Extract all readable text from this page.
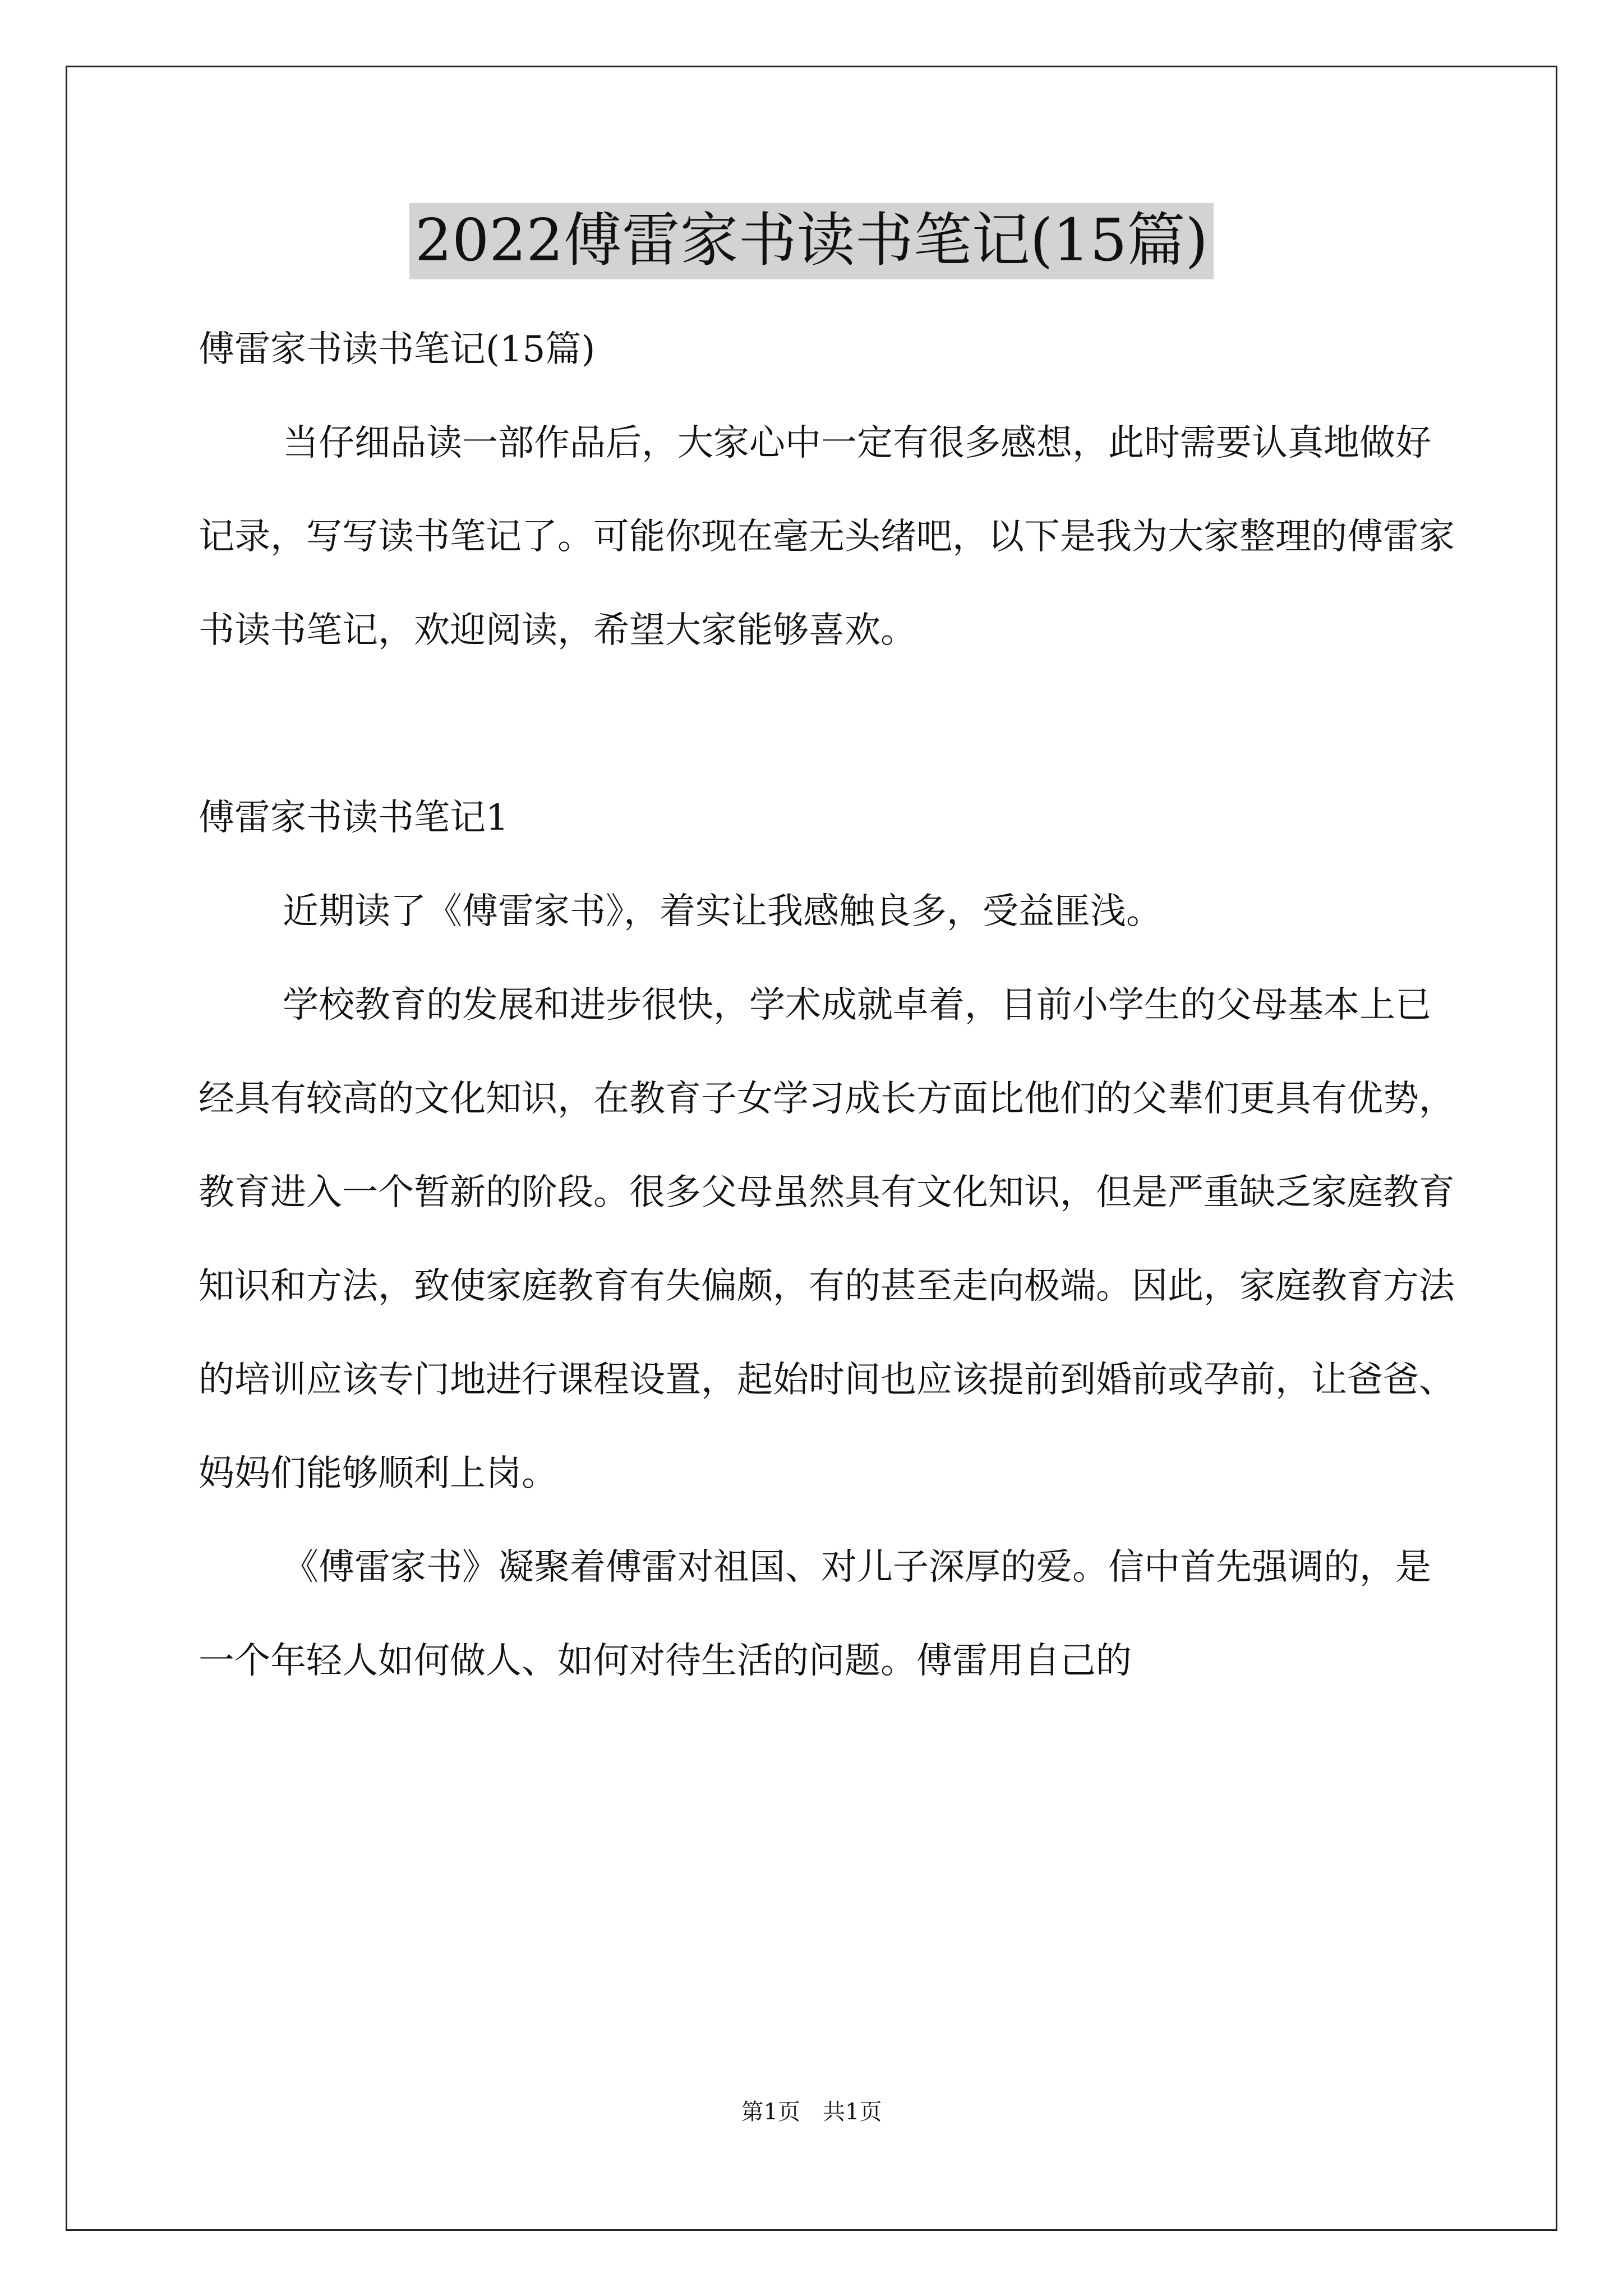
2022傅雷家书读书笔记(15篇)

傅雷家书读书笔记(15篇)

当仔细品读一部作品后，大家心中一定有很多感想，此时需要认真地做好记录，写写读书笔记了。可能你现在毫无头绪吧，以下是我为大家整理的傅雷家书读书笔记，欢迎阅读，希望大家能够喜欢。

傅雷家书读书笔记1

近期读了《傅雷家书》，着实让我感触良多，受益匪浅。

学校教育的发展和进步很快，学术成就卓着，目前小学生的父母基本上已经具有较高的文化知识，在教育子女学习成长方面比他们的父辈们更具有优势，教育进入一个暂新的阶段。很多父母虽然具有文化知识，但是严重缺乏家庭教育知识和方法，致使家庭教育有失偏颇，有的甚至走向极端。因此，家庭教育方法的培训应该专门地进行课程设置，起始时间也应该提前到婚前或孕前，让爸爸、妈妈们能够顺利上岗。

《傅雷家书》凝聚着傅雷对祖国、对儿子深厚的爱。信中首先强调的，是一个年轻人如何做人、如何对待生活的问题。傅雷用自己的

第1页 共1页
